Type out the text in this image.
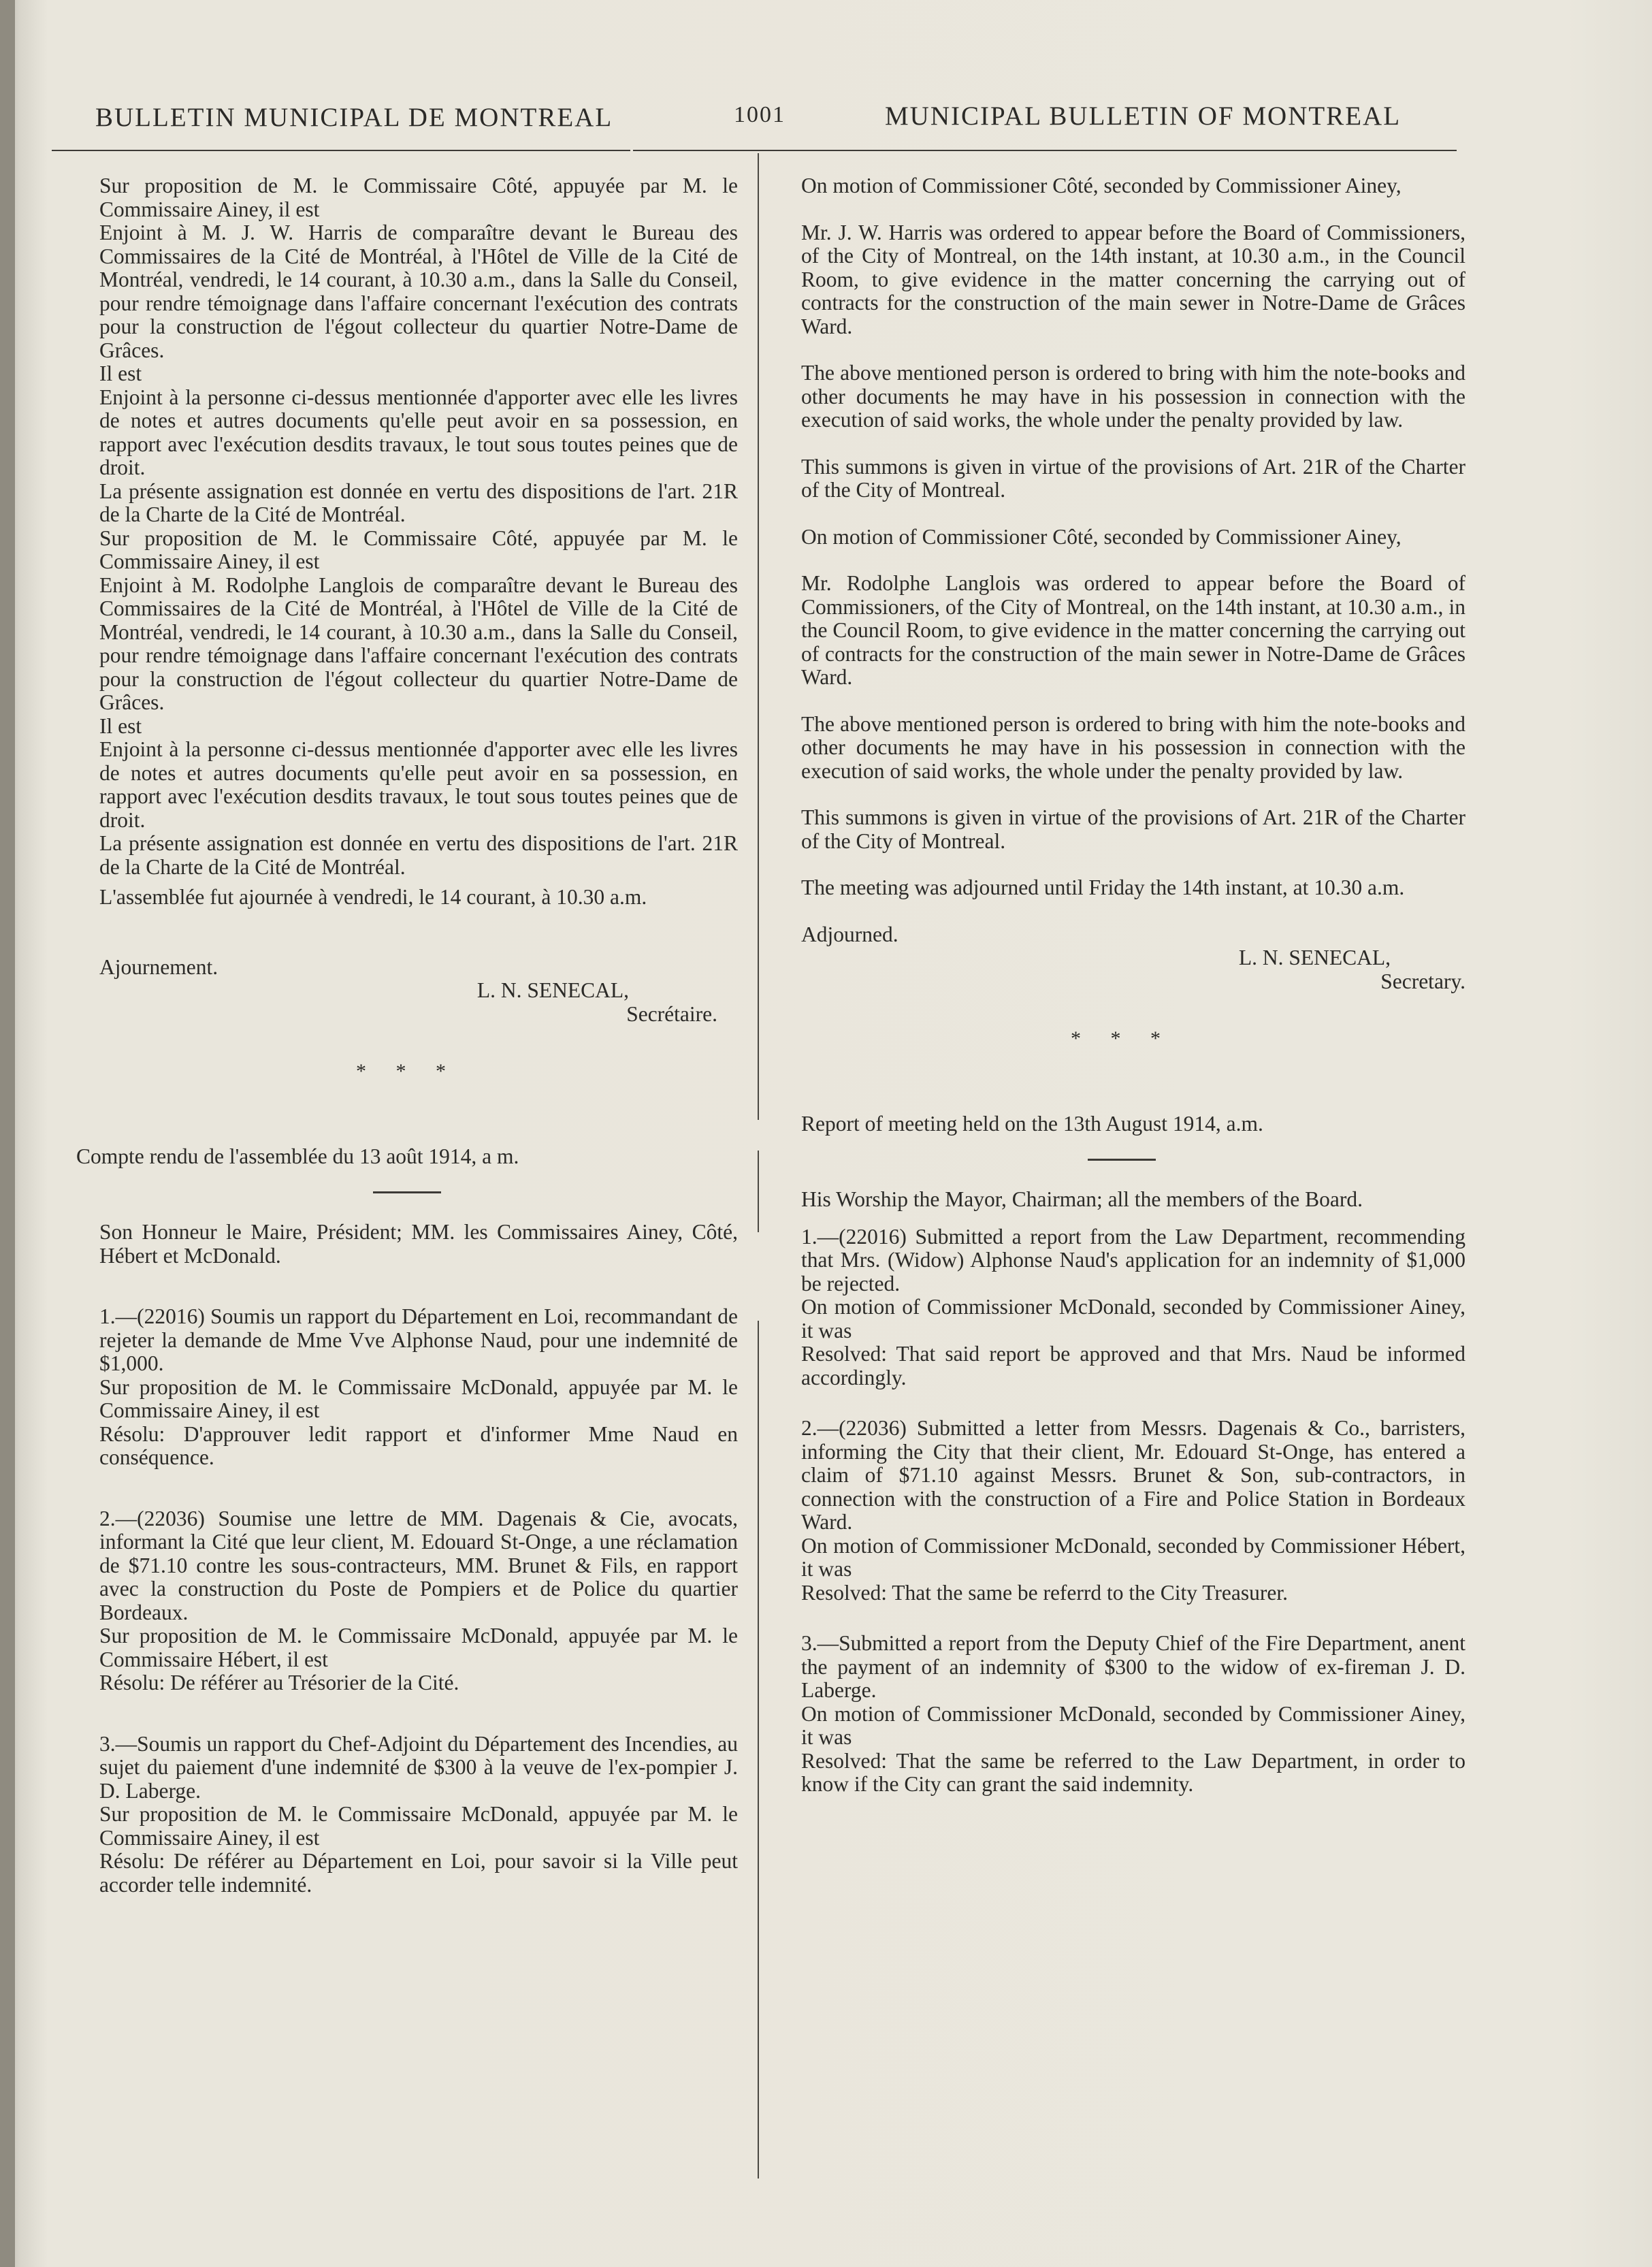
BULLETIN MUNICIPAL DE MONTREAL	1001	MUNICIPAL BULLETIN OF MONTREAL

Sur proposition de M. le Commissaire Côté, appuyée par M. le Commissaire Ainey, il est

Enjoint à M. J. W. Harris de comparaître devant le Bureau des Commissaires de la Cité de Montréal, à l'Hôtel de Ville de la Cité de Montréal, vendredi, le 14 courant, à 10.30 a.m., dans la Salle du Conseil, pour rendre témoignage dans l'affaire concernant l'exécution des contrats pour la construction de l'égout collecteur du quartier Notre-Dame de Grâces.

Il est

Enjoint à la personne ci-dessus mentionnée d'apporter avec elle les livres de notes et autres documents qu'elle peut avoir en sa possession, en rapport avec l'exécution desdits travaux, le tout sous toutes peines que de droit.

La présente assignation est donnée en vertu des dispositions de l'art. 21R de la Charte de la Cité de Montréal.

Sur proposition de M. le Commissaire Côté, appuyée par M. le Commissaire Ainey, il est

Enjoint à M. Rodolphe Langlois de comparaître devant le Bureau des Commissaires de la Cité de Montréal, à l'Hôtel de Ville de la Cité de Montréal, vendredi, le 14 courant, à 10.30 a.m., dans la Salle du Conseil, pour rendre témoignage dans l'affaire concernant l'exécution des contrats pour la construction de l'égout collecteur du quartier Notre-Dame de Grâces.

Il est

Enjoint à la personne ci-dessus mentionnée d'apporter avec elle les livres de notes et autres documents qu'elle peut avoir en sa possession, en rapport avec l'exécution desdits travaux, le tout sous toutes peines que de droit.

La présente assignation est donnée en vertu des dispositions de l'art. 21R de la Charte de la Cité de Montréal.

L'assemblée fut ajournée à vendredi, le 14 courant, à 10.30 a.m.

Ajournement.

L. N. SENECAL,

Secrétaire.

* * *

Compte rendu de l'assemblée du 13 août 1914, a m.

Son Honneur le Maire, Président; MM. les Commissaires Ainey, Côté, Hébert et McDonald.

1.—(22016) Soumis un rapport du Département en Loi, recommandant de rejeter la demande de Mme Vve Alphonse Naud, pour une indemnité de $1,000.

Sur proposition de M. le Commissaire McDonald, appuyée par M. le Commissaire Ainey, il est

Résolu: D'approuver ledit rapport et d'informer Mme Naud en conséquence.

2.—(22036) Soumise une lettre de MM. Dagenais & Cie, avocats, informant la Cité que leur client, M. Edouard St-Onge, a une réclamation de $71.10 contre les sous-contracteurs, MM. Brunet & Fils, en rapport avec la construction du Poste de Pompiers et de Police du quartier Bordeaux.

Sur proposition de M. le Commissaire McDonald, appuyée par M. le Commissaire Hébert, il est

Résolu: De référer au Trésorier de la Cité.

3.—Soumis un rapport du Chef-Adjoint du Département des Incendies, au sujet du paiement d'une indemnité de $300 à la veuve de l'ex-pompier J. D. Laberge.

Sur proposition de M. le Commissaire McDonald, appuyée par M. le Commissaire Ainey, il est

Résolu: De référer au Département en Loi, pour savoir si la Ville peut accorder telle indemnité.

On motion of Commissioner Côté, seconded by Commissioner Ainey,

Mr. J. W. Harris was ordered to appear before the Board of Commissioners, of the City of Montreal, on the 14th instant, at 10.30 a.m., in the Council Room, to give evidence in the matter concerning the carrying out of contracts for the construction of the main sewer in Notre-Dame de Grâces Ward.

The above mentioned person is ordered to bring with him the note-books and other documents he may have in his possession in connection with the execution of said works, the whole under the penalty provided by law.

This summons is given in virtue of the provisions of Art. 21R of the Charter of the City of Montreal.

On motion of Commissioner Côté, seconded by Commissioner Ainey,

Mr. Rodolphe Langlois was ordered to appear before the Board of Commissioners, of the City of Montreal, on the 14th instant, at 10.30 a.m., in the Council Room, to give evidence in the matter concerning the carrying out of contracts for the construction of the main sewer in Notre-Dame de Grâces Ward.

The above mentioned person is ordered to bring with him the note-books and other documents he may have in his possession in connection with the execution of said works, the whole under the penalty provided by law.

This summons is given in virtue of the provisions of Art. 21R of the Charter of the City of Montreal.

The meeting was adjourned until Friday the 14th instant, at 10.30 a.m.

Adjourned.

L. N. SENECAL,

Secretary.

* * *

Report of meeting held on the 13th August 1914, a.m.

His Worship the Mayor, Chairman; all the members of the Board.

1.—(22016) Submitted a report from the Law Department, recommending that Mrs. (Widow) Alphonse Naud's application for an indemnity of $1,000 be rejected.

On motion of Commissioner McDonald, seconded by Commissioner Ainey, it was

Resolved: That said report be approved and that Mrs. Naud be informed accordingly.

2.—(22036) Submitted a letter from Messrs. Dagenais & Co., barristers, informing the City that their client, Mr. Edouard St-Onge, has entered a claim of $71.10 against Messrs. Brunet & Son, sub-contractors, in connection with the construction of a Fire and Police Station in Bordeaux Ward.

On motion of Commissioner McDonald, seconded by Commissioner Hébert, it was

Resolved: That the same be referrd to the City Treasurer.

3.—Submitted a report from the Deputy Chief of the Fire Department, anent the payment of an indemnity of $300 to the widow of ex-fireman J. D. Laberge.

On motion of Commissioner McDonald, seconded by Commissioner Ainey, it was

Resolved: That the same be referred to the Law Department, in order to know if the City can grant the said indemnity.
